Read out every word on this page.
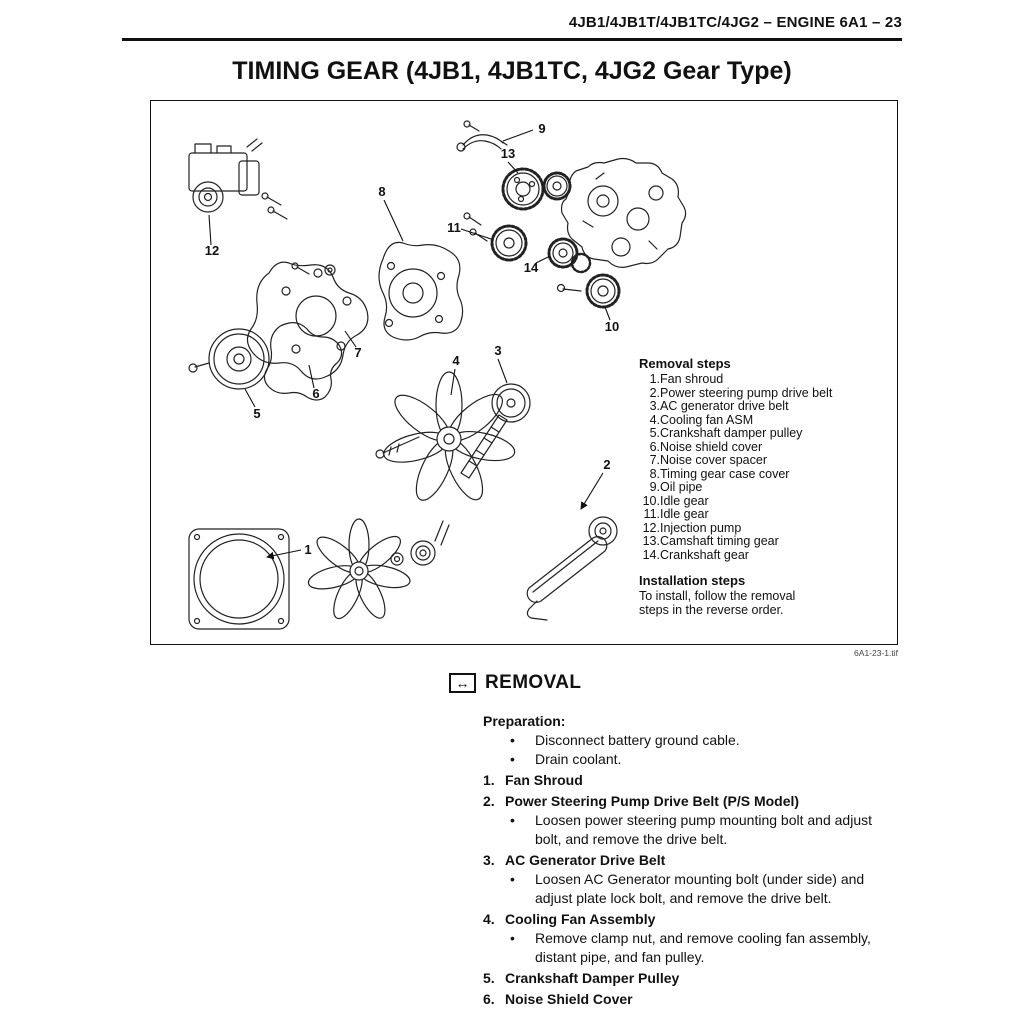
4JB1/4JB1T/4JB1TC/4JG2 – ENGINE 6A1 – 23
TIMING GEAR (4JB1, 4JB1TC, 4JG2 Gear Type)
1
2
3
4
5
6
7
8
9
10
11
12
13
14
Removal steps
1.Fan shroud
2.Power steering pump drive belt
3.AC generator drive belt
4.Cooling fan ASM
5.Crankshaft damper pulley
6.Noise shield cover
7.Noise cover spacer
8.Timing gear case cover
9.Oil pipe
10.Idle gear
11.Idle gear
12.Injection pump
13.Camshaft timing gear
14.Crankshaft gear
Installation steps
To install, follow the removal steps in the reverse order.
6A1-23-1.tif
↔ REMOVAL
Preparation:
•	Disconnect battery ground cable.
•	Drain coolant.
1. Fan Shroud
2. Power Steering Pump Drive Belt (P/S Model)
•	Loosen power steering pump mounting bolt and adjust bolt, and remove the drive belt.
3. AC Generator Drive Belt
•	Loosen AC Generator mounting bolt (under side) and adjust plate lock bolt, and remove the drive belt.
4. Cooling Fan Assembly
•	Remove clamp nut, and remove cooling fan assembly, distant pipe, and fan pulley.
5. Crankshaft Damper Pulley
6. Noise Shield Cover
